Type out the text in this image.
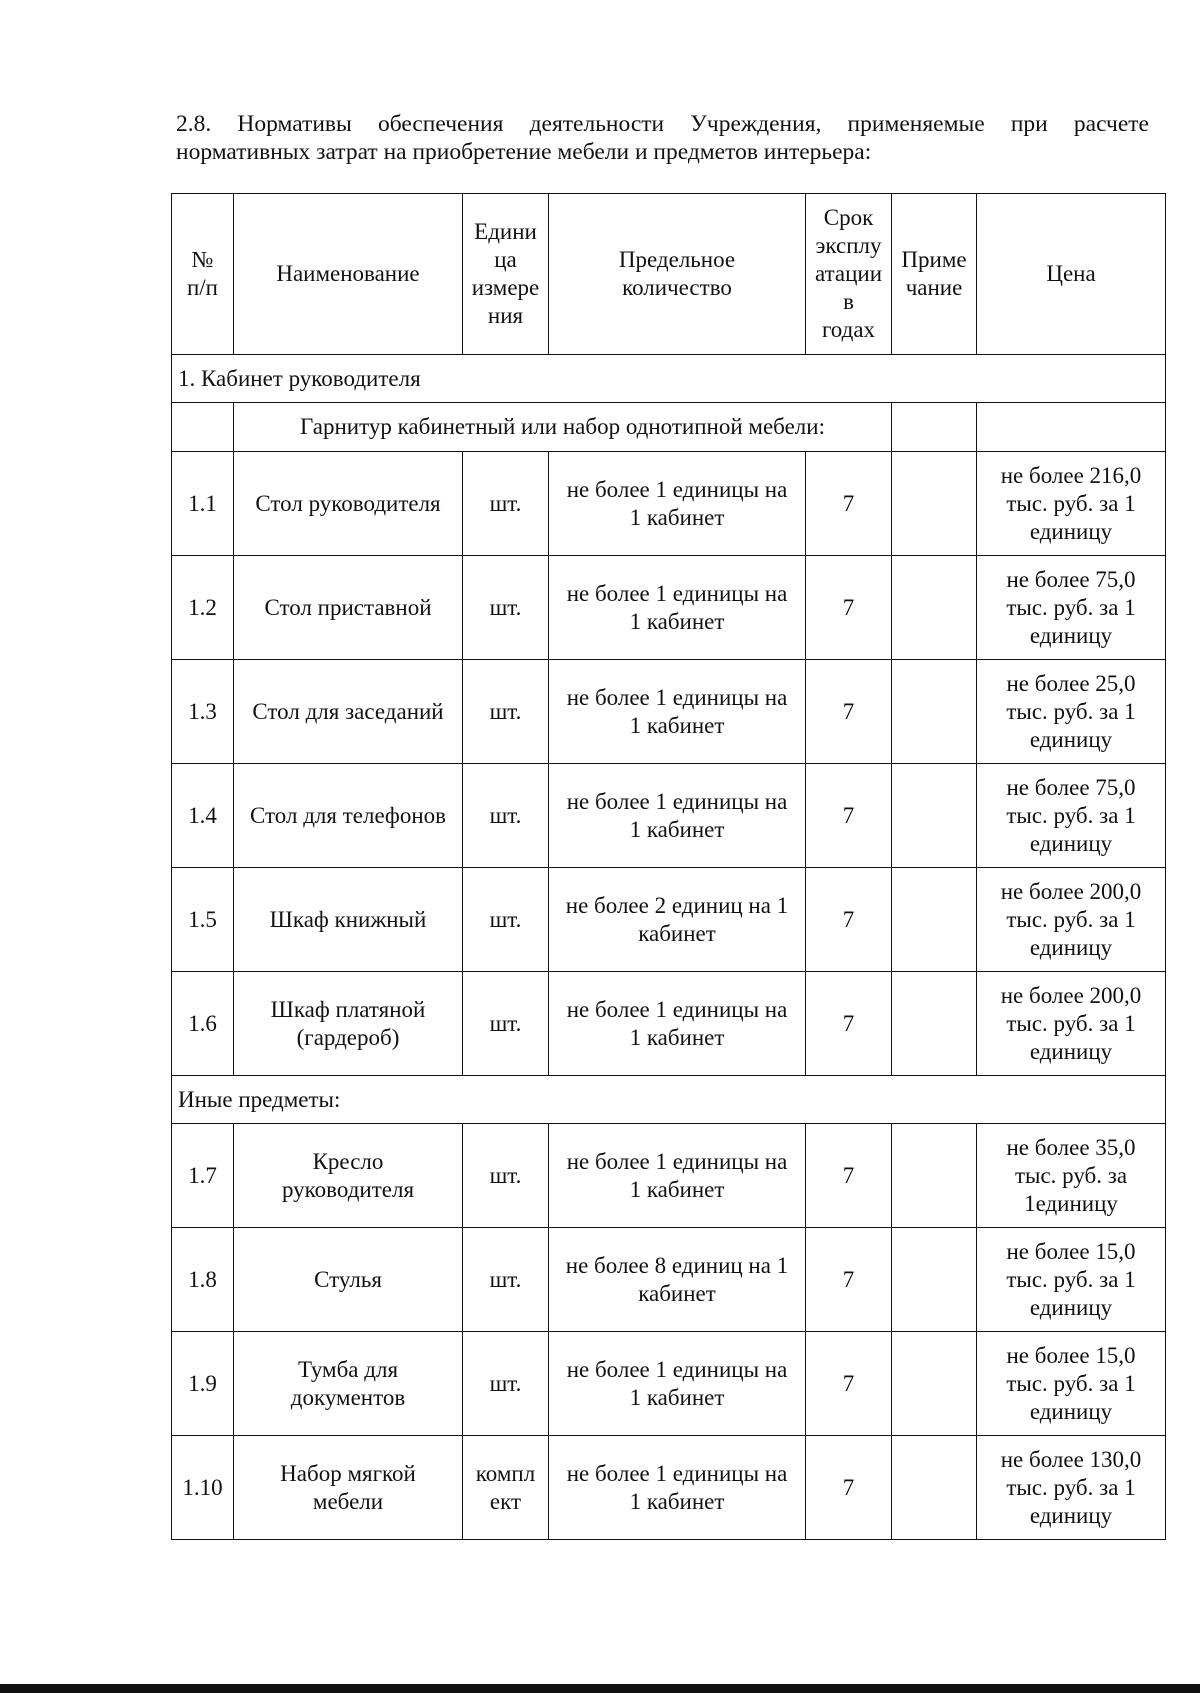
2.8. Нормативы обеспечения деятельности Учреждения, применяемые при расчете
нормативных затрат на приобретение мебели и предметов интерьера:
№
п/п	Наименование	Едини
ца
измере
ния	Предельное
количество	Срок
эксплу
атации
в
годах	Приме
чание	Цена

1. Кабинет руководителя						
	Гарнитур кабинетный или набор однотипной мебели:					

1.1	Стол руководителя	шт.	не более 1 единицы на
1 кабинет	7		не более 216,0
тыс. руб. за 1
единицу

1.2	Стол приставной	шт.	не более 1 единицы на
1 кабинет	7		не более 75,0
тыс. руб. за 1
единицу

1.3	Стол для заседаний	шт.	не более 1 единицы на
1 кабинет	7		не более 25,0
тыс. руб. за 1
единицу

1.4	Стол для телефонов	шт.	не более 1 единицы на
1 кабинет	7		не более 75,0
тыс. руб. за 1
единицу

1.5	Шкаф книжный	шт.	не более 2 единиц на 1
кабинет	7		не более 200,0
тыс. руб. за 1
единицу

1.6	Шкаф платяной
(гардероб)	шт.	не более 1 единицы на
1 кабинет	7		не более 200,0
тыс. руб. за 1
единицу

Иные предметы:						

1.7	Кресло
руководителя	шт.	не более 1 единицы на
1 кабинет	7		не более 35,0
тыс. руб. за
1единицу

1.8	Стулья	шт.	не более 8 единиц на 1
кабинет	7		не более 15,0
тыс. руб. за 1
единицу

1.9	Тумба для
документов	шт.	не более 1 единицы на
1 кабинет	7		не более 15,0
тыс. руб. за 1
единицу

1.10	Набор мягкой
мебели	компл
ект	не более 1 единицы на
1 кабинет	7		не более 130,0
тыс. руб. за 1
единицу
